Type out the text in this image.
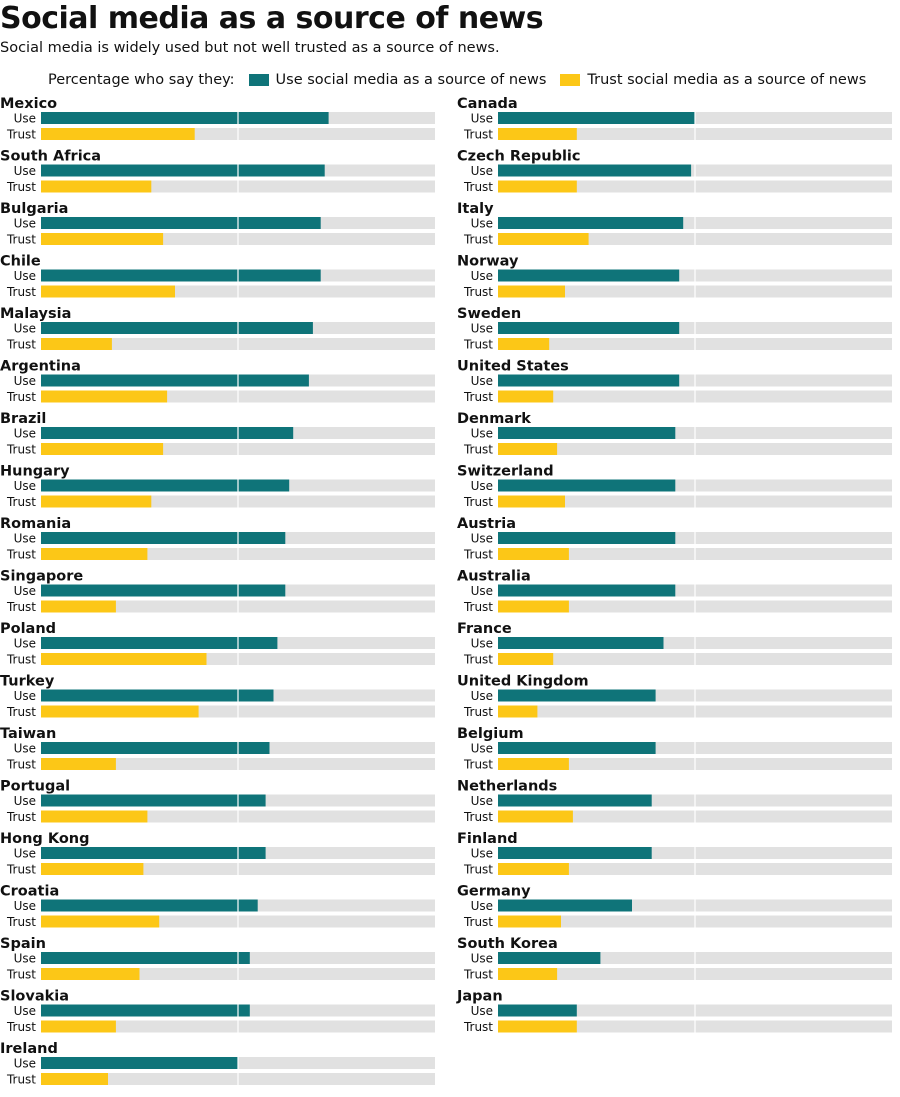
Social media as a source of news
Social media is widely used but not well trusted as a source of news.
Percentage who say they:	Use social media as a source of news	Trust social media as a source of news
Mexico
Use
Trust
South Africa
Use
Trust
Bulgaria
Use
Trust
Chile
Use
Trust
Malaysia
Use
Trust
Argentina
Use
Trust
Brazil
Use
Trust
Hungary
Use
Trust
Romania
Use
Trust
Singapore
Use
Trust
Poland
Use
Trust
Turkey
Use
Trust
Taiwan
Use
Trust
Portugal
Use
Trust
Hong Kong
Use
Trust
Croatia
Use
Trust
Spain
Use
Trust
Slovakia
Use
Trust
Ireland
Use
Trust
Canada
Use
Trust
Czech Republic
Use
Trust
Italy
Use
Trust
Norway
Use
Trust
Sweden
Use
Trust
United States
Use
Trust
Denmark
Use
Trust
Switzerland
Use
Trust
Austria
Use
Trust
Australia
Use
Trust
France
Use
Trust
United Kingdom
Use
Trust
Belgium
Use
Trust
Netherlands
Use
Trust
Finland
Use
Trust
Germany
Use
Trust
South Korea
Use
Trust
Japan
Use
Trust
